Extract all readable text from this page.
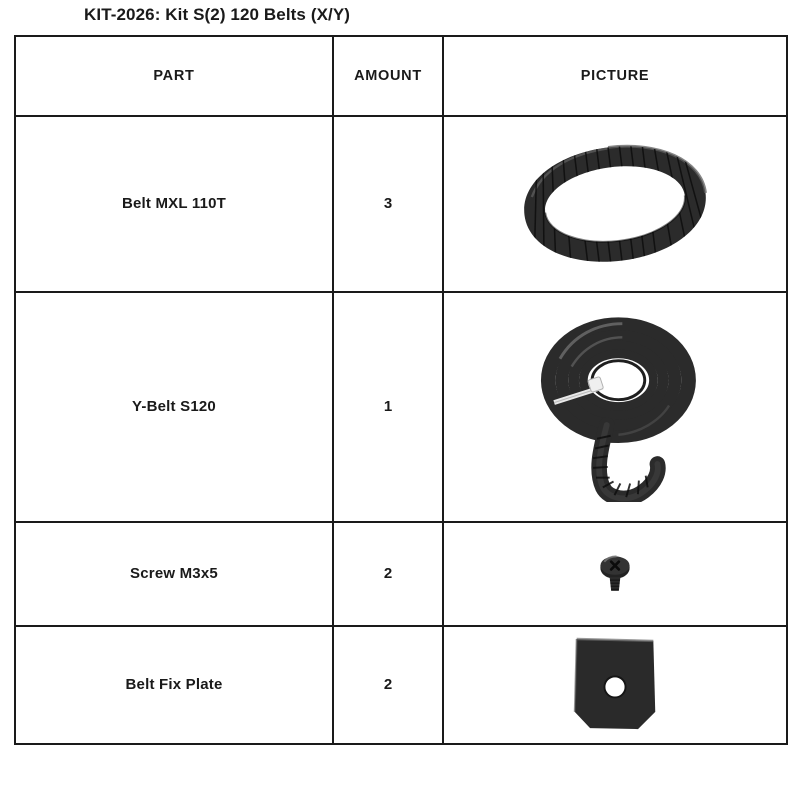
KIT-2026: Kit S(2) 120 Belts (X/Y)
PART	AMOUNT	PICTURE
Belt MXL 110T	3	

Y-Belt S120	1	

Screw M3x5	2	

Belt Fix Plate	2	
